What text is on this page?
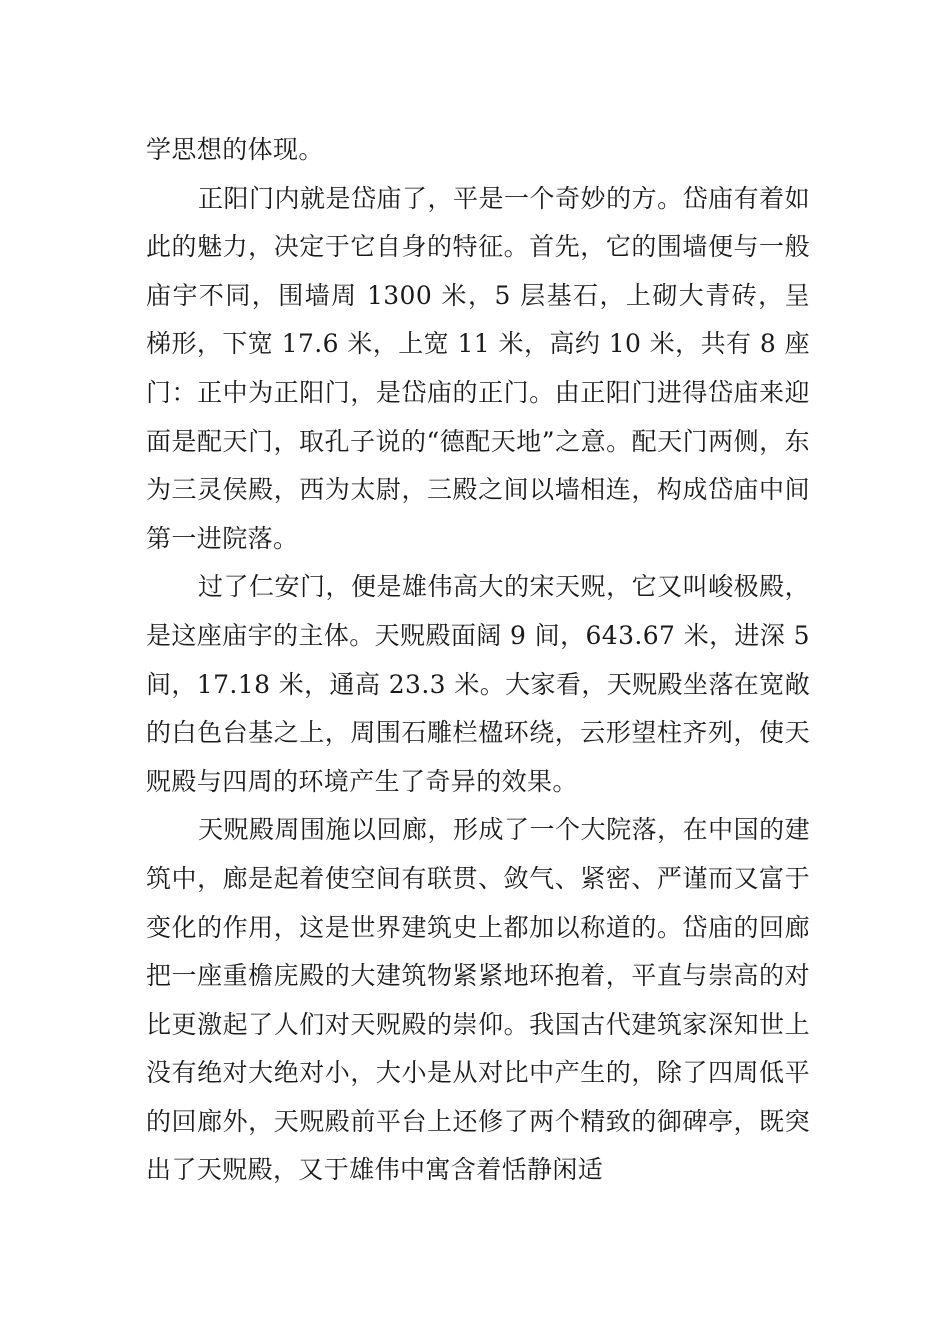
学思想的体现。

正阳门内就是岱庙了，平是一个奇妙的方。岱庙有着如此的魅力，决定于它自身的特征。首先，它的围墙便与一般庙宇不同，围墙周 1300 米，5 层基石，上砌大青砖，呈梯形，下宽 17.6 米，上宽 11 米，高约 10 米，共有 8 座门：正中为正阳门，是岱庙的正门。由正阳门进得岱庙来迎面是配天门，取孔子说的“德配天地”之意。配天门两侧，东为三灵侯殿，西为太尉，三殿之间以墙相连，构成岱庙中间第一进院落。

过了仁安门，便是雄伟高大的宋天贶，它又叫峻极殿，是这座庙宇的主体。天贶殿面阔 9 间，643.67 米，进深 5 间，17.18 米，通高 23.3 米。大家看，天贶殿坐落在宽敞的白色台基之上，周围石雕栏楹环绕，云形望柱齐列，使天贶殿与四周的环境产生了奇异的效果。

天贶殿周围施以回廊，形成了一个大院落，在中国的建筑中，廊是起着使空间有联贯、敛气、紧密、严谨而又富于变化的作用，这是世界建筑史上都加以称道的。岱庙的回廊把一座重檐庑殿的大建筑物紧紧地环抱着，平直与崇高的对比更激起了人们对天贶殿的崇仰。我国古代建筑家深知世上没有绝对大绝对小，大小是从对比中产生的，除了四周低平的回廊外，天贶殿前平台上还修了两个精致的御碑亭，既突出了天贶殿，又于雄伟中寓含着恬静闲适
